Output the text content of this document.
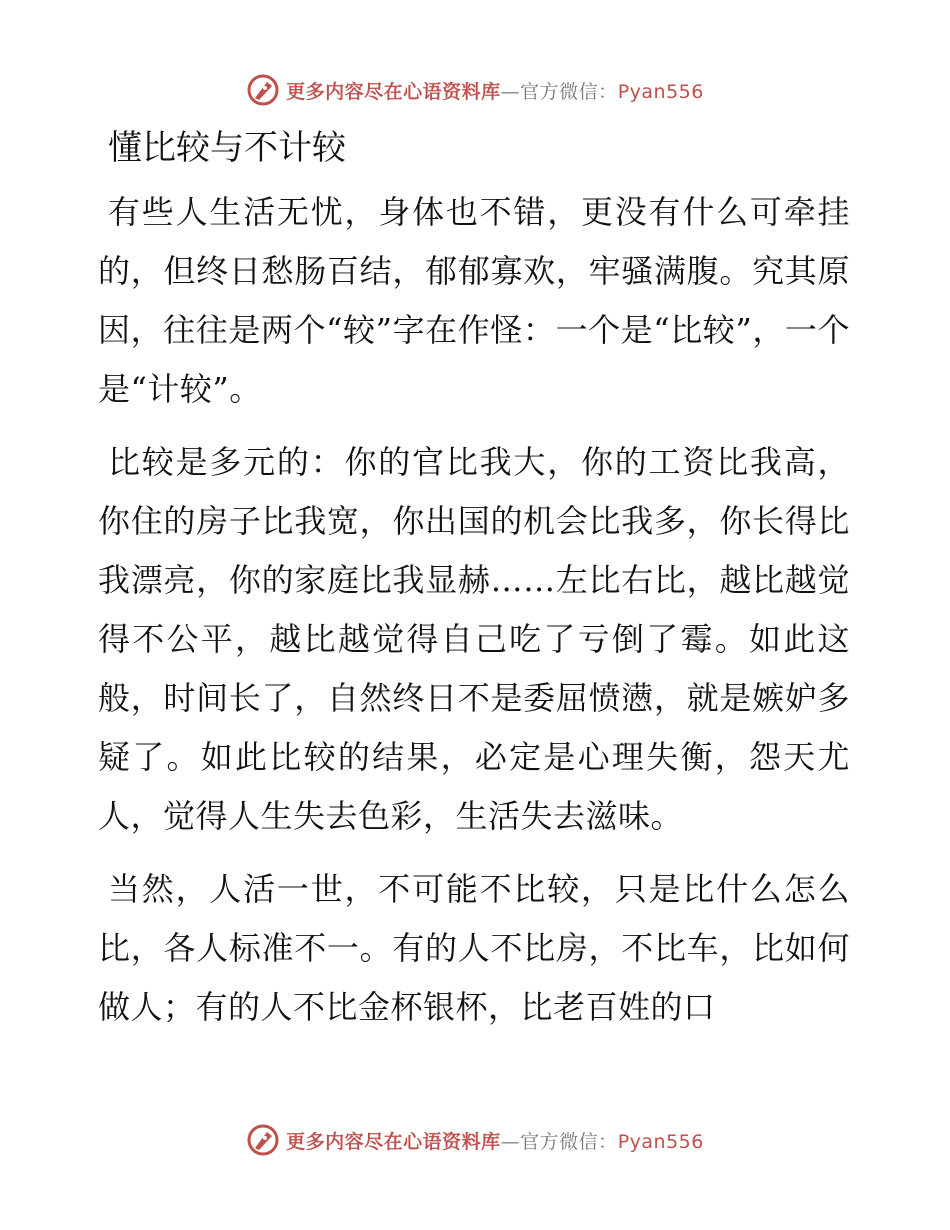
更多内容尽在心语资料库—官方微信：Pyan556
懂比较与不计较

有些人生活无忧，身体也不错，更没有什么可牵挂的，但终日愁肠百结，郁郁寡欢，牢骚满腹。究其原因，往往是两个“较”字在作怪：一个是“比较”，一个是“计较”。

比较是多元的：你的官比我大，你的工资比我高，你住的房子比我宽，你出国的机会比我多，你长得比我漂亮，你的家庭比我显赫……左比右比，越比越觉得不公平，越比越觉得自己吃了亏倒了霉。如此这般，时间长了，自然终日不是委屈愤懑，就是嫉妒多疑了。如此比较的结果，必定是心理失衡，怨天尤人，觉得人生失去色彩，生活失去滋味。

当然，人活一世，不可能不比较，只是比什么怎么比，各人标准不一。有的人不比房，不比车，比如何做人；有的人不比金杯银杯，比老百姓的口

更多内容尽在心语资料库—官方微信：Pyan556
